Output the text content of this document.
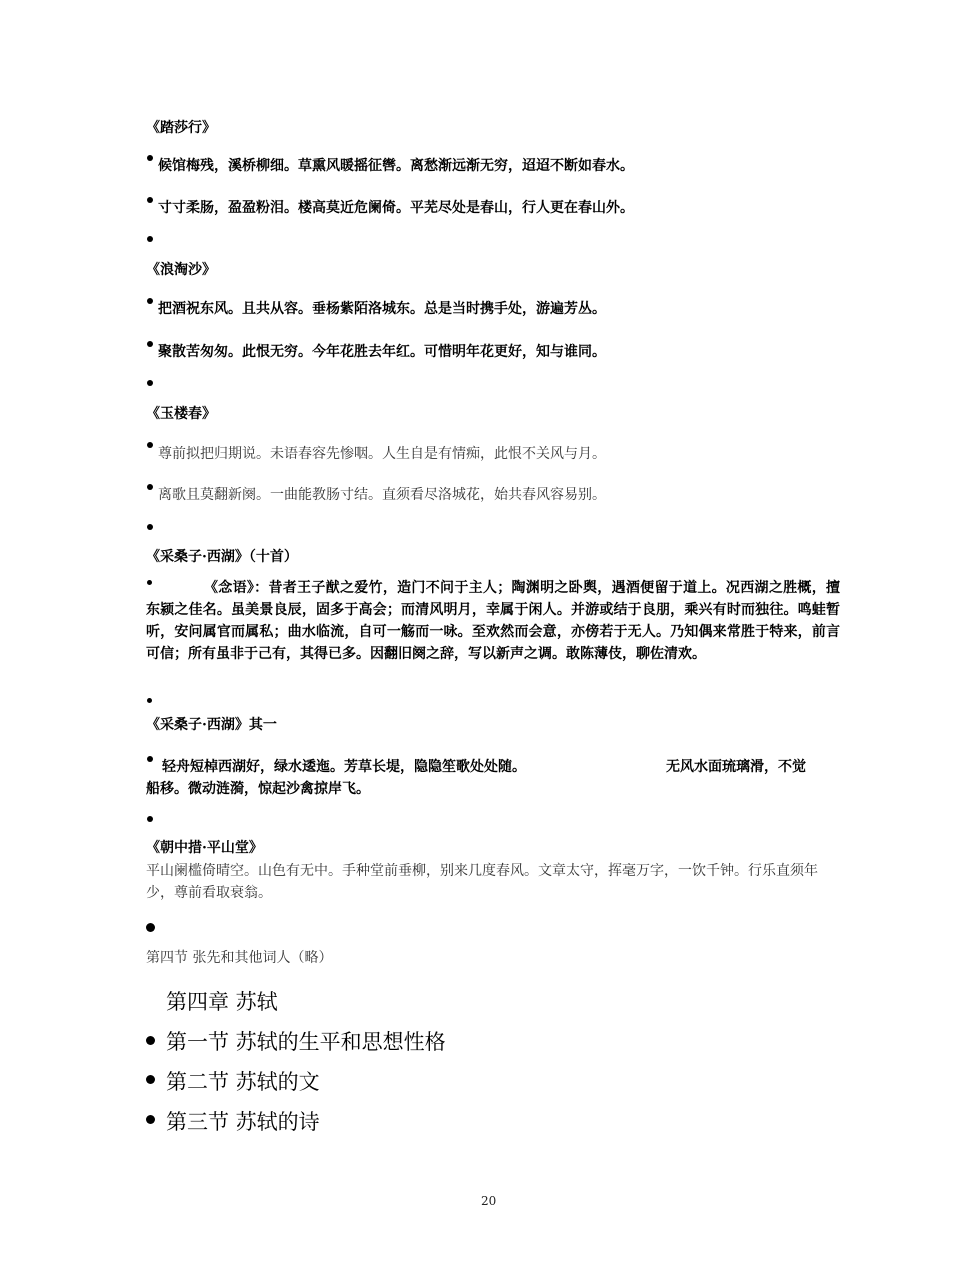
《踏莎行》
候馆梅残，溪桥柳细。草熏风暖摇征辔。离愁渐远渐无穷，迢迢不断如春水。
寸寸柔肠，盈盈粉泪。楼高莫近危阑倚。平芜尽处是春山，行人更在春山外。
《浪淘沙》
把酒祝东风。且共从容。垂杨紫陌洛城东。总是当时携手处，游遍芳丛。
聚散苦匆匆。此恨无穷。今年花胜去年红。可惜明年花更好，知与谁同。
《玉楼春》
尊前拟把归期说。未语春容先惨咽。人生自是有情痴，此恨不关风与月。
离歌且莫翻新阕。一曲能教肠寸结。直须看尽洛城花，始共春风容易别。
《采桑子·西湖》（十首）
《念语》：昔者王子猷之爱竹，造门不问于主人；陶渊明之卧舆，遇酒便留于道上。况西湖之胜概，擅东颍之佳名。虽美景良辰，固多于高会；而清风明月，幸属于闲人。并游或结于良朋，乘兴有时而独往。鸣蛙暂听，安问属官而属私；曲水临流，自可一觞而一咏。至欢然而会意，亦傍若于无人。乃知偶来常胜于特来，前言可信；所有虽非于己有，其得已多。因翻旧阕之辞，写以新声之调。敢陈薄伎，聊佐清欢。
《采桑子·西湖》其一
轻舟短棹西湖好，绿水逶迤。芳草长堤，隐隐笙歌处处随。	无风水面琉璃滑，不觉
船移。微动涟漪，惊起沙禽掠岸飞。
《朝中措·平山堂》
平山阑槛倚晴空。山色有无中。手种堂前垂柳，别来几度春风。文章太守，挥毫万字，一饮千钟。行乐直须年少，尊前看取衰翁。
第四节 张先和其他词人（略）
第四章 苏轼
第一节 苏轼的生平和思想性格
第二节 苏轼的文
第三节 苏轼的诗
20
